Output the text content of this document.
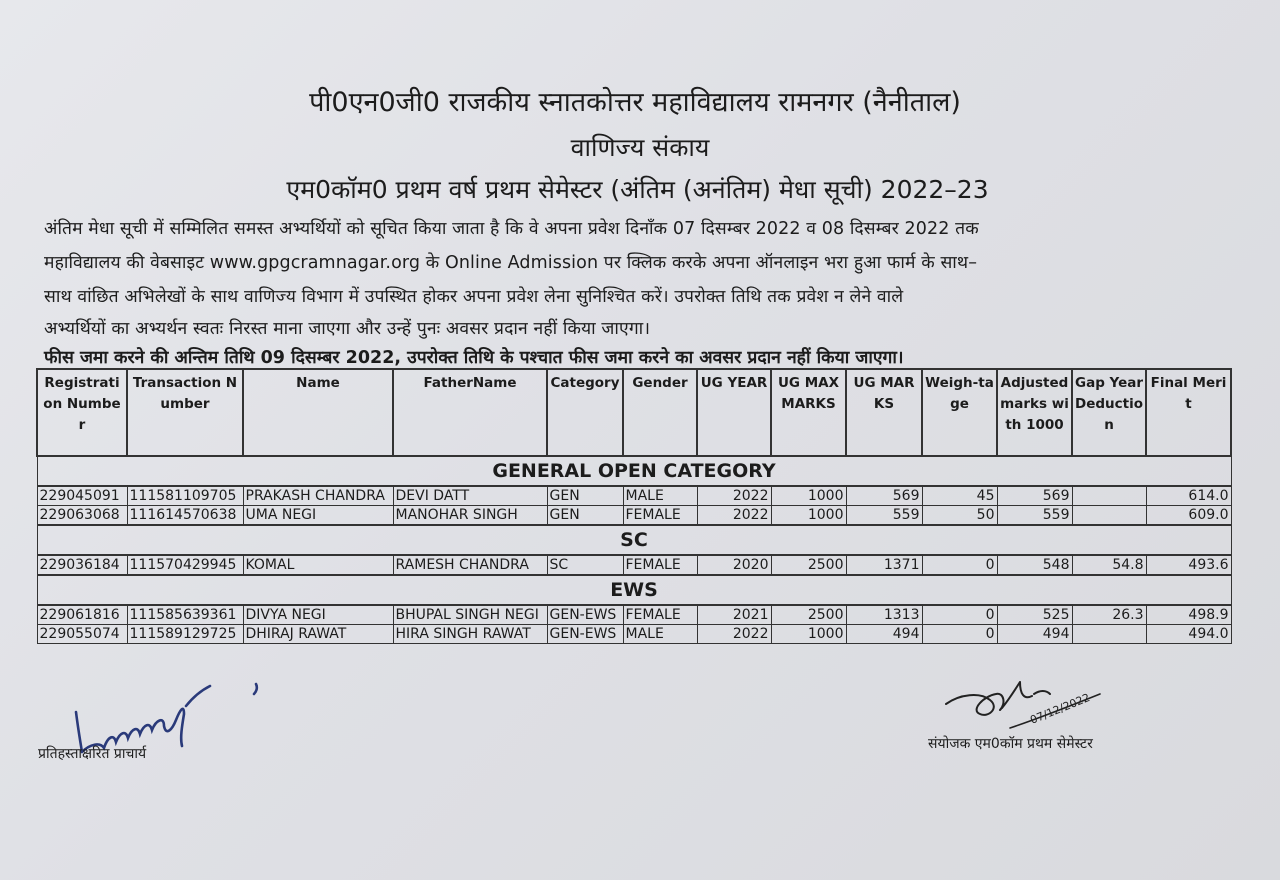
पी0एन0जी0 राजकीय स्नातकोत्तर महाविद्यालय रामनगर (नैनीताल)
वाणिज्य संकाय
एम0कॉम0 प्रथम वर्ष प्रथम सेमेस्टर (अंतिम (अनंतिम) मेधा सूची) 2022–23
अंतिम मेधा सूची में सम्मिलित समस्त अभ्यर्थियों को सूचित किया जाता है कि वे अपना प्रवेश दिनाँक 07 दिसम्बर 2022 व 08 दिसम्बर 2022 तक
महाविद्यालय की वेबसाइट www.gpgcramnagar.org के Online Admission पर क्लिक करके अपना ऑनलाइन भरा हुआ फार्म के साथ–
साथ वांछित अभिलेखों के साथ वाणिज्य विभाग में उपस्थित होकर अपना प्रवेश लेना सुनिश्चित करें। उपरोक्त तिथि तक प्रवेश न लेने वाले
अभ्यर्थियों का अभ्यर्थन स्वतः निरस्त माना जाएगा और उन्हें पुनः अवसर प्रदान नहीं किया जाएगा।
फीस जमा करने की अन्तिम तिथि 09 दिसम्बर 2022, उपरोक्त तिथि के पश्चात फीस जमा करने का अवसर प्रदान नहीं किया जाएगा।
Registration Number	Transaction Number	Name	FatherName	Category	Gender	UG YEAR	UG MAX MARKS	UG MARKS	Weigh-tage	Adjusted marks with 1000	Gap Year Deduction	Final Merit
GENERAL OPEN CATEGORY												
229045091	111581109705	PRAKASH CHANDRA	DEVI DATT	GEN	MALE	2022	1000	569	45	569		614.0
229063068	111614570638	UMA NEGI	MANOHAR SINGH	GEN	FEMALE	2022	1000	559	50	559		609.0
SC												
229036184	111570429945	KOMAL	RAMESH CHANDRA	SC	FEMALE	2020	2500	1371	0	548	54.8	493.6
EWS												
229061816	111585639361	DIVYA NEGI	BHUPAL SINGH NEGI	GEN-EWS	FEMALE	2021	2500	1313	0	525	26.3	498.9
229055074	111589129725	DHIRAJ RAWAT	HIRA SINGH RAWAT	GEN-EWS	MALE	2022	1000	494	0	494		494.0
प्रतिहस्ताक्षरित प्राचार्य
07/12/2022
संयोजक एम0कॉम प्रथम सेमेस्टर
